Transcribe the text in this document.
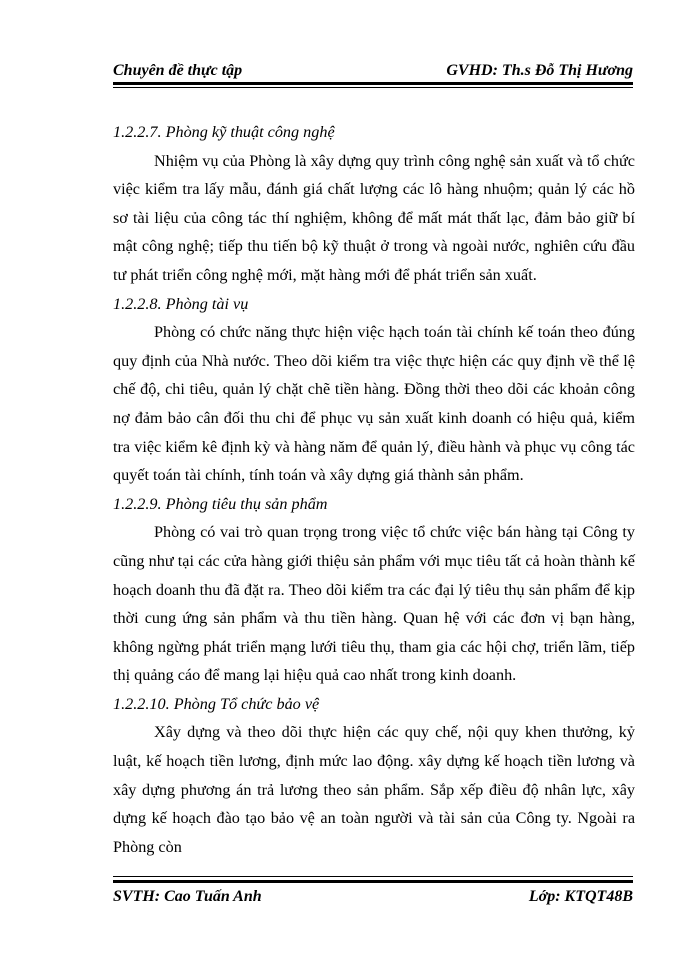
Chuyên đề thực tập	GVHD: Th.s Đỗ Thị Hương

1.2.2.7. Phòng kỹ thuật công nghệ

Nhiệm vụ của Phòng là xây dựng quy trình công nghệ sản xuất và tổ chức việc kiểm tra lấy mẫu, đánh giá chất lượng các lô hàng nhuộm; quản lý các hồ sơ tài liệu của công tác thí nghiệm, không để mất mát thất lạc, đảm bảo giữ bí mật công nghệ; tiếp thu tiến bộ kỹ thuật ở trong và ngoài nước, nghiên cứu đầu tư phát triển công nghệ mới, mặt hàng mới để phát triển sản xuất.

1.2.2.8. Phòng tài vụ

Phòng có chức năng thực hiện việc hạch toán tài chính kế toán theo đúng quy định của Nhà nước. Theo dõi kiểm tra việc thực hiện các quy định về thể lệ chế độ, chi tiêu, quản lý chặt chẽ tiền hàng. Đồng thời theo dõi các khoản công nợ đảm bảo cân đối thu chi để phục vụ sản xuất kinh doanh có hiệu quả, kiểm tra việc kiểm kê định kỳ và hàng năm để quản lý, điều hành và phục vụ công tác quyết toán tài chính, tính toán và xây dựng giá thành sản phẩm.

1.2.2.9. Phòng tiêu thụ sản phẩm

Phòng có vai trò quan trọng trong việc tổ chức việc bán hàng tại Công ty cũng như tại các cửa hàng giới thiệu sản phẩm với mục tiêu tất cả hoàn thành kế hoạch doanh thu đã đặt ra. Theo dõi kiểm tra các đại lý tiêu thụ sản phẩm để kịp thời cung ứng sản phẩm và thu tiền hàng. Quan hệ với các đơn vị bạn hàng, không ngừng phát triển mạng lưới tiêu thụ, tham gia các hội chợ, triển lãm, tiếp thị quảng cáo để mang lại hiệu quả cao nhất trong kinh doanh.

1.2.2.10. Phòng Tổ chức bảo vệ

Xây dựng và theo dõi thực hiện các quy chế, nội quy khen thưởng, kỷ luật, kế hoạch tiền lương, định mức lao động. xây dựng kế hoạch tiền lương và xây dựng phương án trả lương theo sản phẩm. Sắp xếp điều độ nhân lực, xây dựng kế hoạch đào tạo bảo vệ an toàn người và tài sản của Công ty. Ngoài ra Phòng còn

SVTH: Cao Tuấn Anh	Lớp: KTQT48B
